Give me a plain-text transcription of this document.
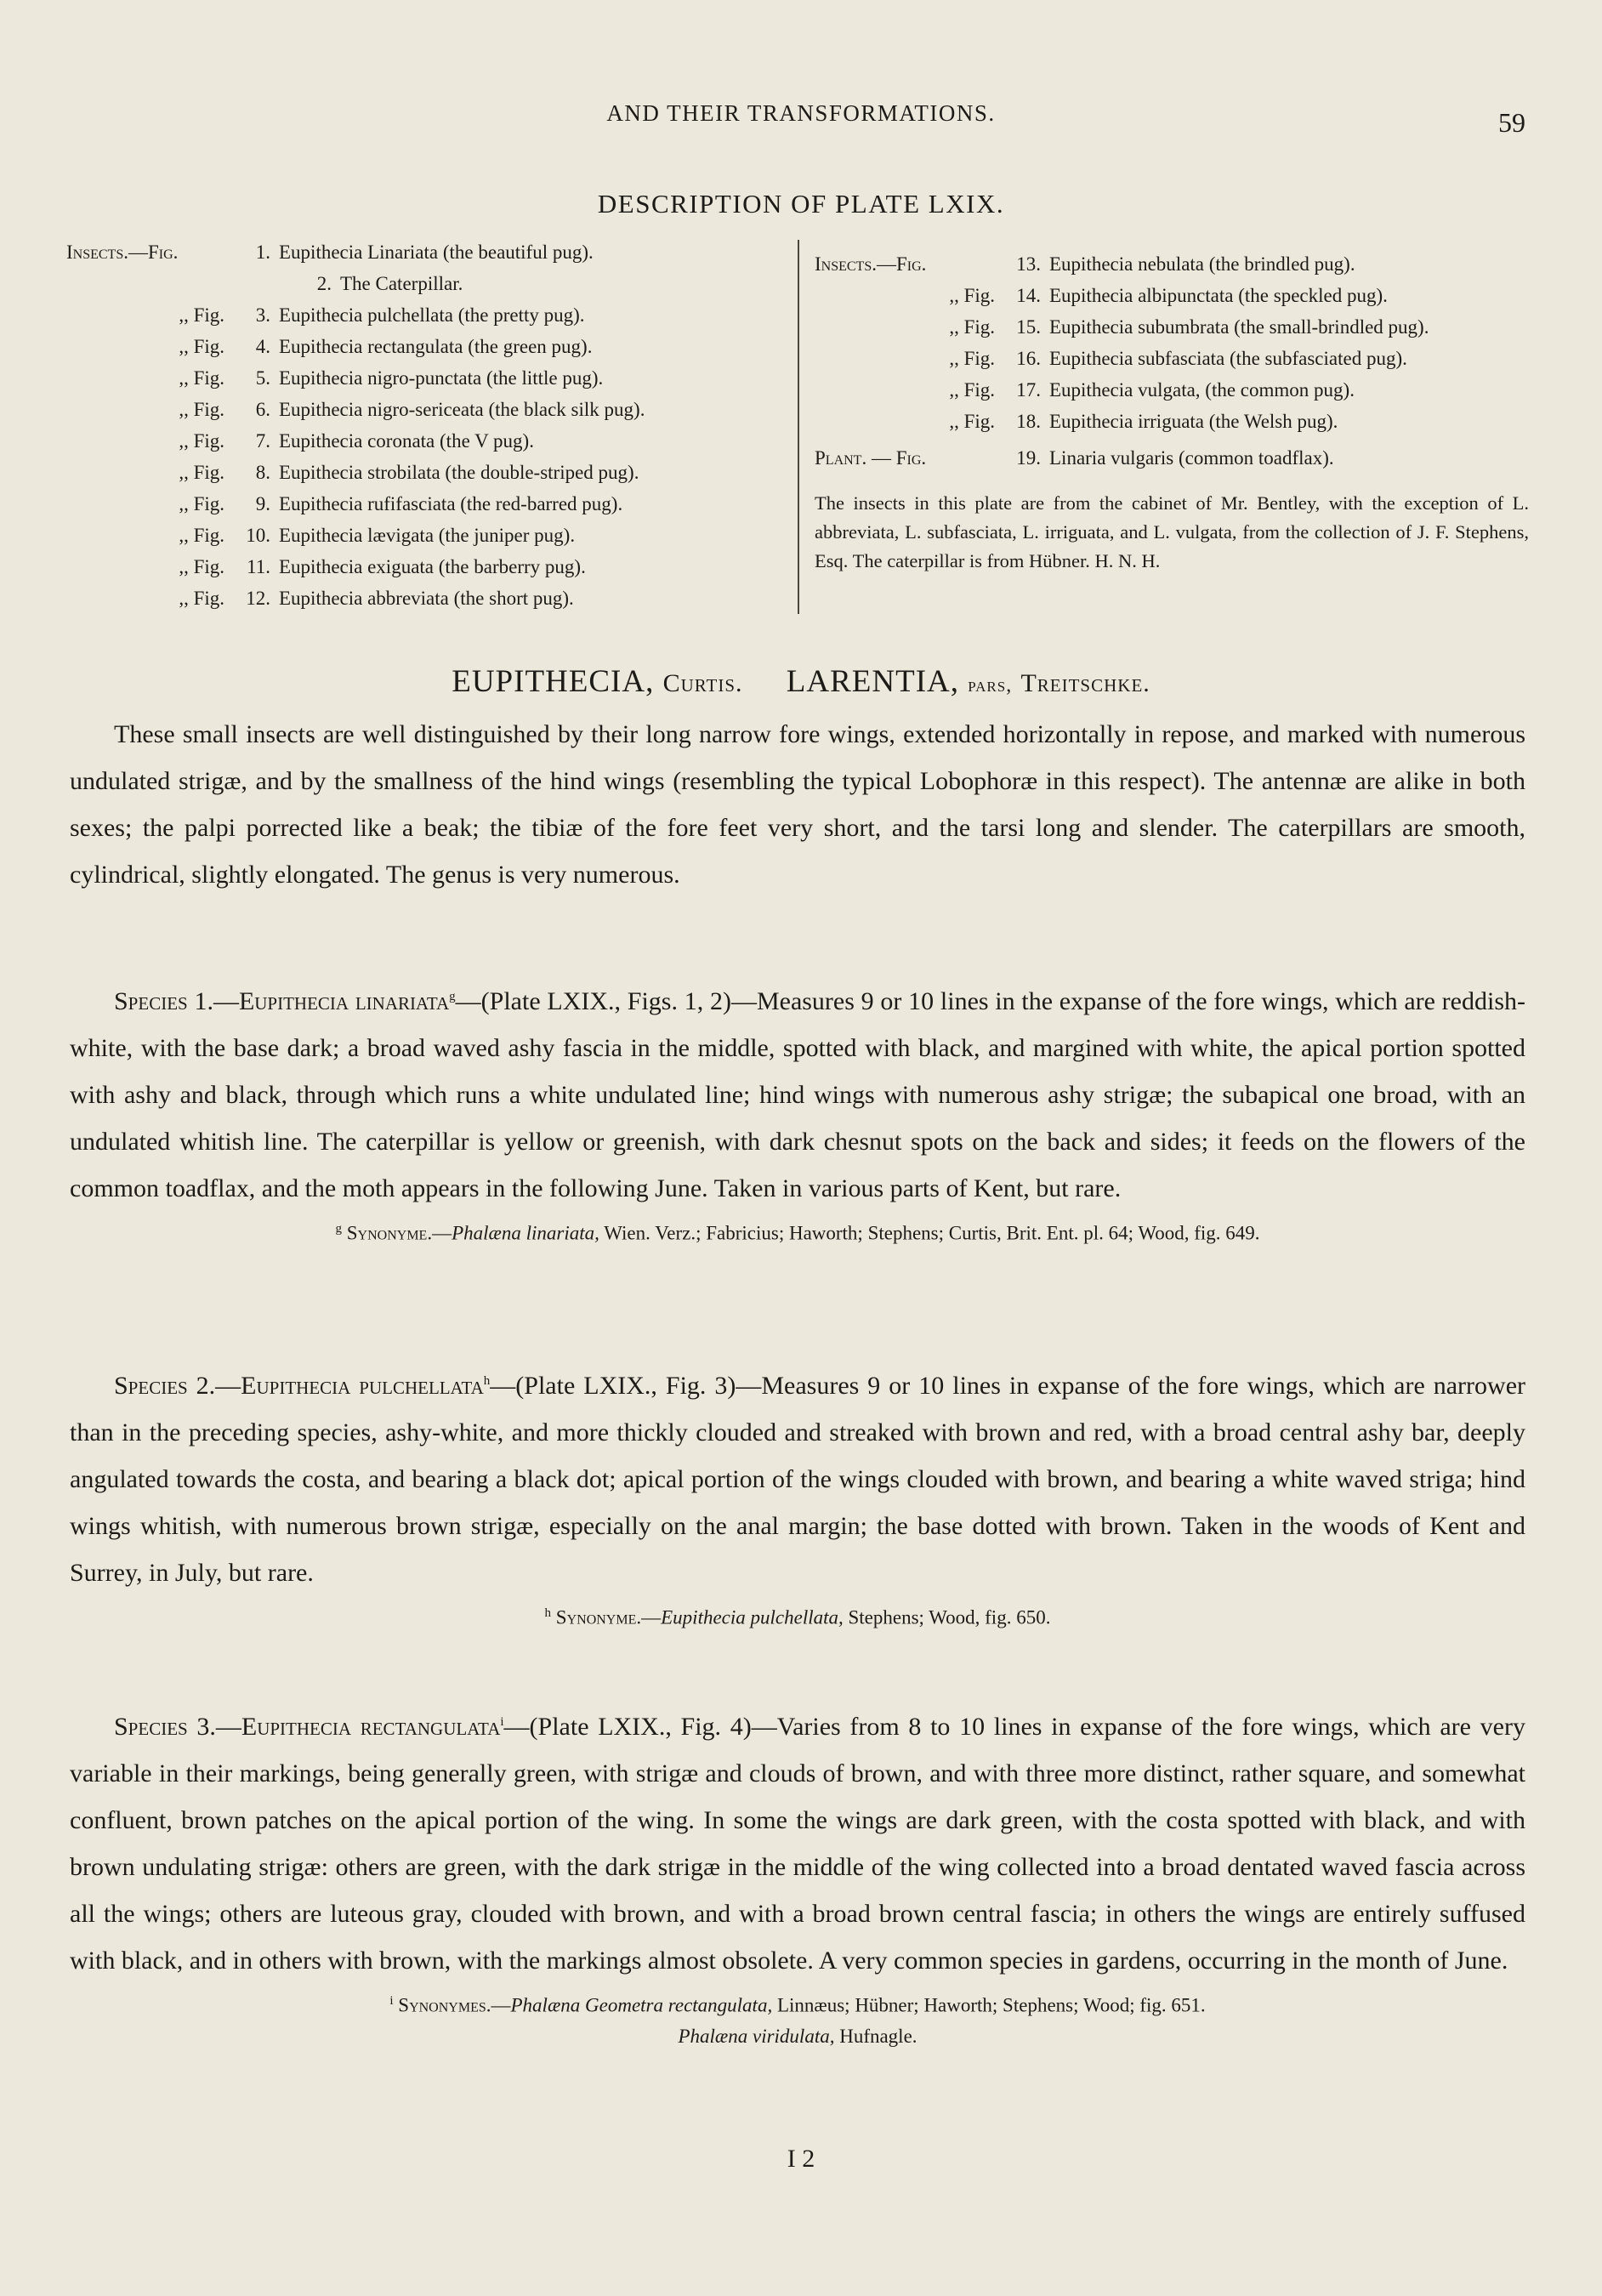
AND THEIR TRANSFORMATIONS.	59
DESCRIPTION OF PLATE LXIX.
Insects.—Fig.	1. Eupithecia Linariata (the beautiful pug).
2. The Caterpillar.
,, Fig.	3. Eupithecia pulchellata (the pretty pug).
,, Fig.	4. Eupithecia rectangulata (the green pug).
,, Fig.	5. Eupithecia nigro-punctata (the little pug).
,, Fig.	6. Eupithecia nigro-sericeata (the black silk pug).
,, Fig.	7. Eupithecia coronata (the V pug).
,, Fig.	8. Eupithecia strobilata (the double-striped pug).
,, Fig.	9. Eupithecia rufifasciata (the red-barred pug).
,, Fig.	10. Eupithecia lævigata (the juniper pug).
,, Fig.	11. Eupithecia exiguata (the barberry pug).
,, Fig.	12. Eupithecia abbreviata (the short pug).
Insects.—Fig.	13. Eupithecia nebulata (the brindled pug).
,, Fig.	14. Eupithecia albipunctata (the speckled pug).
,, Fig.	15. Eupithecia subumbrata (the small-brindled pug).
,, Fig.	16. Eupithecia subfasciata (the subfasciated pug).
,, Fig.	17. Eupithecia vulgata, (the common pug).
,, Fig.	18. Eupithecia irriguata (the Welsh pug).
Plant. — Fig.	19. Linaria vulgaris (common toadflax).

The insects in this plate are from the cabinet of Mr. Bentley, with the exception of L. abbreviata, L. subfasciata, L. irriguata, and L. vulgata, from the collection of J. F. Stephens, Esq. The caterpillar is from Hübner. H. N. H.

EUPITHECIA, Curtis. LARENTIA, pars, Treitschke.

These small insects are well distinguished by their long narrow fore wings, extended horizontally in repose, and marked with numerous undulated strigæ, and by the smallness of the hind wings (resembling the typical Lobophoræ in this respect). The antennæ are alike in both sexes; the palpi porrected like a beak; the tibiæ of the fore feet very short, and the tarsi long and slender. The caterpillars are smooth, cylindrical, slightly elongated. The genus is very numerous.

Species 1.—Eupithecia linariata$^g$—(Plate LXIX., Figs. 1, 2)—Measures 9 or 10 lines in the expanse of the fore wings, which are reddish-white, with the base dark; a broad waved ashy fascia in the middle, spotted with black, and margined with white, the apical portion spotted with ashy and black, through which runs a white undulated line; hind wings with numerous ashy strigæ; the subapical one broad, with an undulated whitish line. The caterpillar is yellow or greenish, with dark chesnut spots on the back and sides; it feeds on the flowers of the common toadflax, and the moth appears in the following June. Taken in various parts of Kent, but rare.

$^g$ Synonyme.—Phalæna linariata, Wien. Verz.; Fabricius; Haworth; Stephens; Curtis, Brit. Ent. pl. 64; Wood, fig. 649.

Species 2.—Eupithecia pulchellata$^h$—(Plate LXIX., Fig. 3)—Measures 9 or 10 lines in expanse of the fore wings, which are narrower than in the preceding species, ashy-white, and more thickly clouded and streaked with brown and red, with a broad central ashy bar, deeply angulated towards the costa, and bearing a black dot; apical portion of the wings clouded with brown, and bearing a white waved striga; hind wings whitish, with numerous brown strigæ, especially on the anal margin; the base dotted with brown. Taken in the woods of Kent and Surrey, in July, but rare.

$^h$ Synonyme.—Eupithecia pulchellata, Stephens; Wood, fig. 650.

Species 3.—Eupithecia rectangulata$^i$—(Plate LXIX., Fig. 4)—Varies from 8 to 10 lines in expanse of the fore wings, which are very variable in their markings, being generally green, with strigæ and clouds of brown, and with three more distinct, rather square, and somewhat confluent, brown patches on the apical portion of the wing. In some the wings are dark green, with the costa spotted with black, and with brown undulating strigæ: others are green, with the dark strigæ in the middle of the wing collected into a broad dentated waved fascia across all the wings; others are luteous gray, clouded with brown, and with a broad brown central fascia; in others the wings are entirely suffused with black, and in others with brown, with the markings almost obsolete. A very common species in gardens, occurring in the month of June.

$^i$ Synonymes.—Phalæna Geometra rectangulata, Linnæus; Hübner; Haworth; Stephens; Wood; fig. 651.

Phalæna viridulata, Hufnagle.

I 2
